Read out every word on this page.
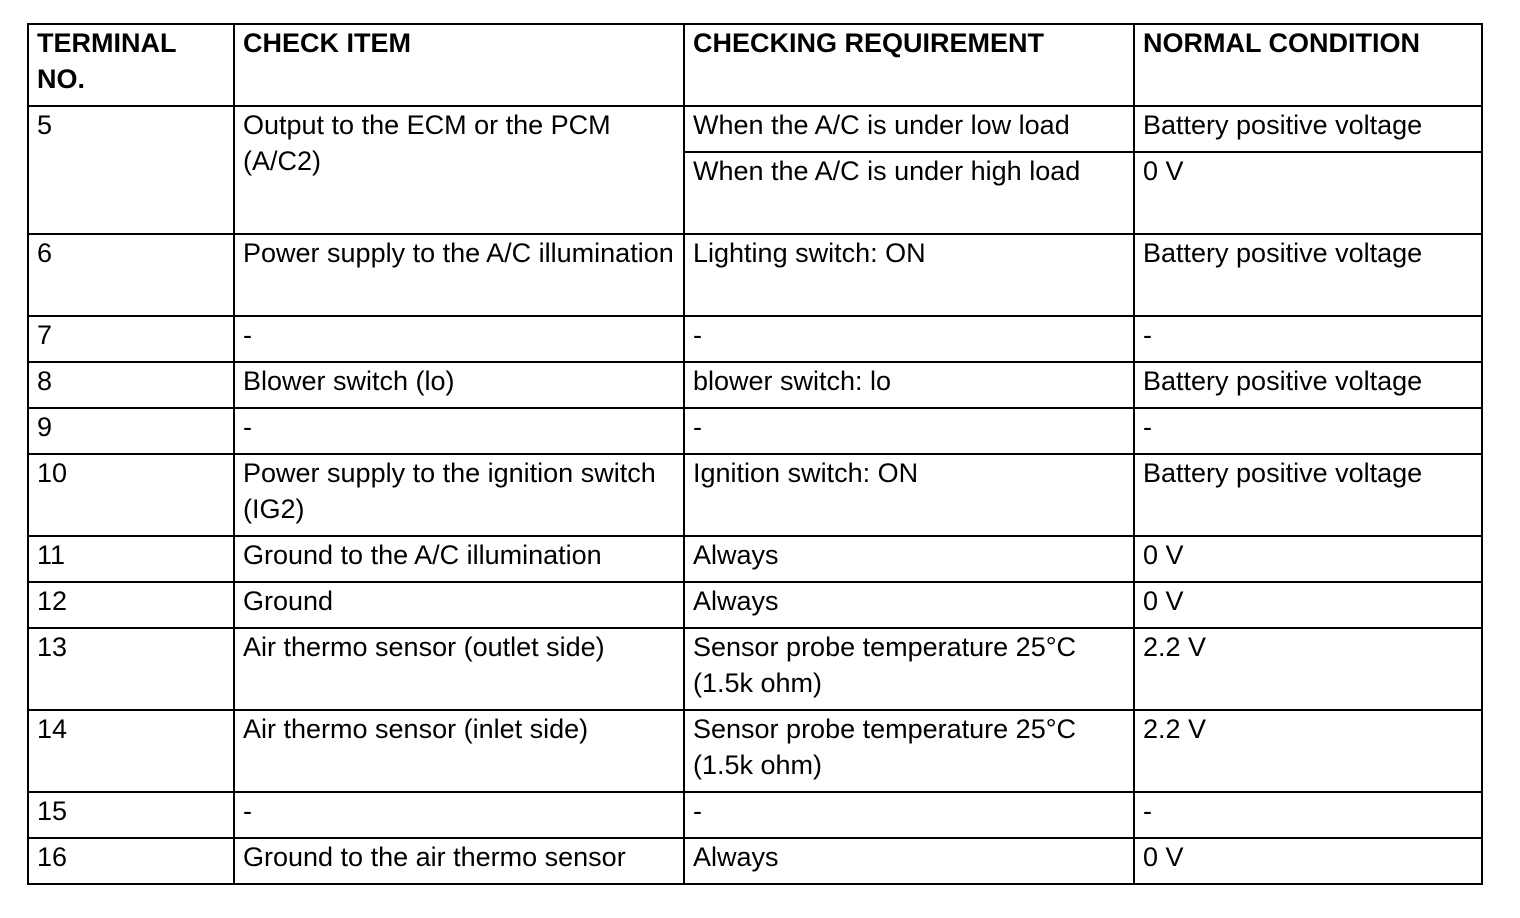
TERMINAL NO.	CHECK ITEM	CHECKING REQUIREMENT	NORMAL CONDITION
5	Output to the ECM or the PCM (A/C2)	When the A/C is under low load	Battery positive voltage
		When the A/C is under high load	0 V
6	Power supply to the A/C illumination	Lighting switch: ON	Battery positive voltage
7	-	-	-
8	Blower switch (lo)	blower switch: lo	Battery positive voltage
9	-	-	-
10	Power supply to the ignition switch (IG2)	Ignition switch: ON	Battery positive voltage
11	Ground to the A/C illumination	Always	0 V
12	Ground	Always	0 V
13	Air thermo sensor (outlet side)	Sensor probe temperature 25°C (1.5k ohm)	2.2 V
14	Air thermo sensor (inlet side)	Sensor probe temperature 25°C (1.5k ohm)	2.2 V
15	-	-	-
16	Ground to the air thermo sensor	Always	0 V
